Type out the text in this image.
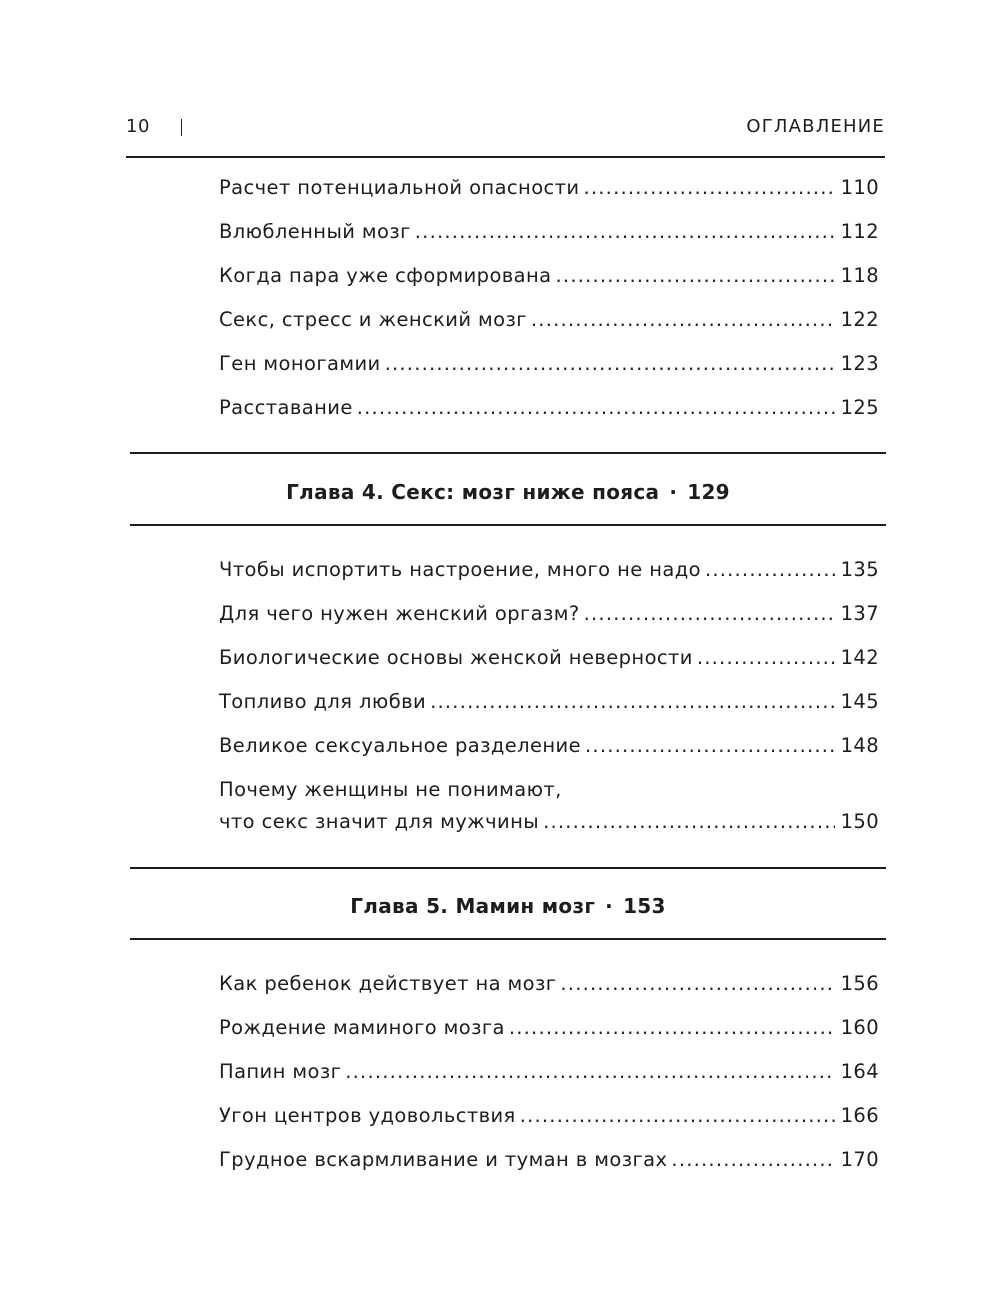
10	ОГЛАВЛЕНИЕ
Расчет потенциальной опасности .....	110
Влюбленный мозг .....	112
Когда пара уже сформирована .....	118
Секс, стресс и женский мозг .....	122
Ген моногамии .....	123
Расставание .....	125
Глава 4. Секс: мозг ниже пояса · 129
Чтобы испортить настроение, много не надо .....	135
Для чего нужен женский оргазм? .....	137
Биологические основы женской неверности .....	142
Топливо для любви .....	145
Великое сексуальное разделение .....	148
Почему женщины не понимают,
что секс значит для мужчины .....	150
Глава 5. Мамин мозг · 153
Как ребенок действует на мозг .....	156
Рождение маминого мозга .....	160
Папин мозг .....	164
Угон центров удовольствия .....	166
Грудное вскармливание и туман в мозгах .....	170
